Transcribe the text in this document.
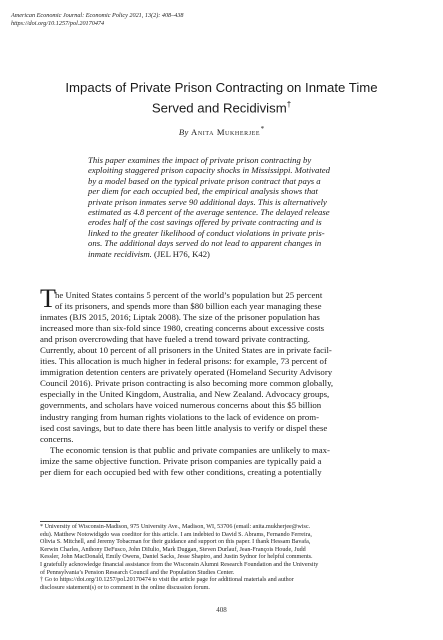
American Economic Journal: Economic Policy 2021, 13(2): 408–438
https://doi.org/10.1257/pol.20170474
Impacts of Private Prison Contracting on Inmate Time
Served and Recidivism†
By Anita Mukherjee*
This paper examines the impact of private prison contracting by
exploiting staggered prison capacity shocks in Mississippi. Motivated
by a model based on the typical private prison contract that pays a
per diem for each occupied bed, the empirical analysis shows that
private prison inmates serve 90 additional days. This is alternatively
estimated as 4.8 percent of the average sentence. The delayed release
erodes half of the cost savings offered by private contracting and is
linked to the greater likelihood of conduct violations in private pris-
ons. The additional days served do not lead to apparent changes in
inmate recidivism. (JEL H76, K42)
T he United States contains 5 percent of the world’s population but 25 percent
of its prisoners, and spends more than $80 billion each year managing these
inmates (BJS 2015, 2016; Liptak 2008). The size of the prisoner population has
increased more than six-fold since 1980, creating concerns about excessive costs
and prison overcrowding that have fueled a trend toward private contracting.
Currently, about 10 percent of all prisoners in the United States are in private facil-
ities. This allocation is much higher in federal prisons: for example, 73 percent of
immigration detention centers are privately operated (Homeland Security Advisory
Council 2016). Private prison contracting is also becoming more common globally,
especially in the United Kingdom, Australia, and New Zealand. Advocacy groups,
governments, and scholars have voiced numerous concerns about this $5 billion
industry ranging from human rights violations to the lack of evidence on prom-
ised cost savings, but to date there has been little analysis to verify or dispel these
concerns.
The economic tension is that public and private companies are unlikely to max-
imize the same objective function. Private prison companies are typically paid a
per diem for each occupied bed with few other conditions, creating a potentially
* University of Wisconsin-Madison, 975 University Ave., Madison, WI, 53706 (email: anita.mukherjee@wisc.
edu). Matthew Notowidigdo was coeditor for this article. I am indebted to David S. Abrams, Fernando Ferreira,
Olivia S. Mitchell, and Jeremy Tobacman for their guidance and support on this paper. I thank Hessam Bavafa,
Kerwin Charles, Anthony DeFusco, John DiIulio, Mark Duggan, Steven Durlauf, Jean-François Houde, Judd
Kessler, John MacDonald, Emily Owens, Daniel Sacks, Jesse Shapiro, and Justin Sydnor for helpful comments.
I gratefully acknowledge financial assistance from the Wisconsin Alumni Research Foundation and the University
of Pennsylvania’s Pension Research Council and the Population Studies Center.
† Go to https://doi.org/10.1257/pol.20170474 to visit the article page for additional materials and author
disclosure statement(s) or to comment in the online discussion forum.
408
